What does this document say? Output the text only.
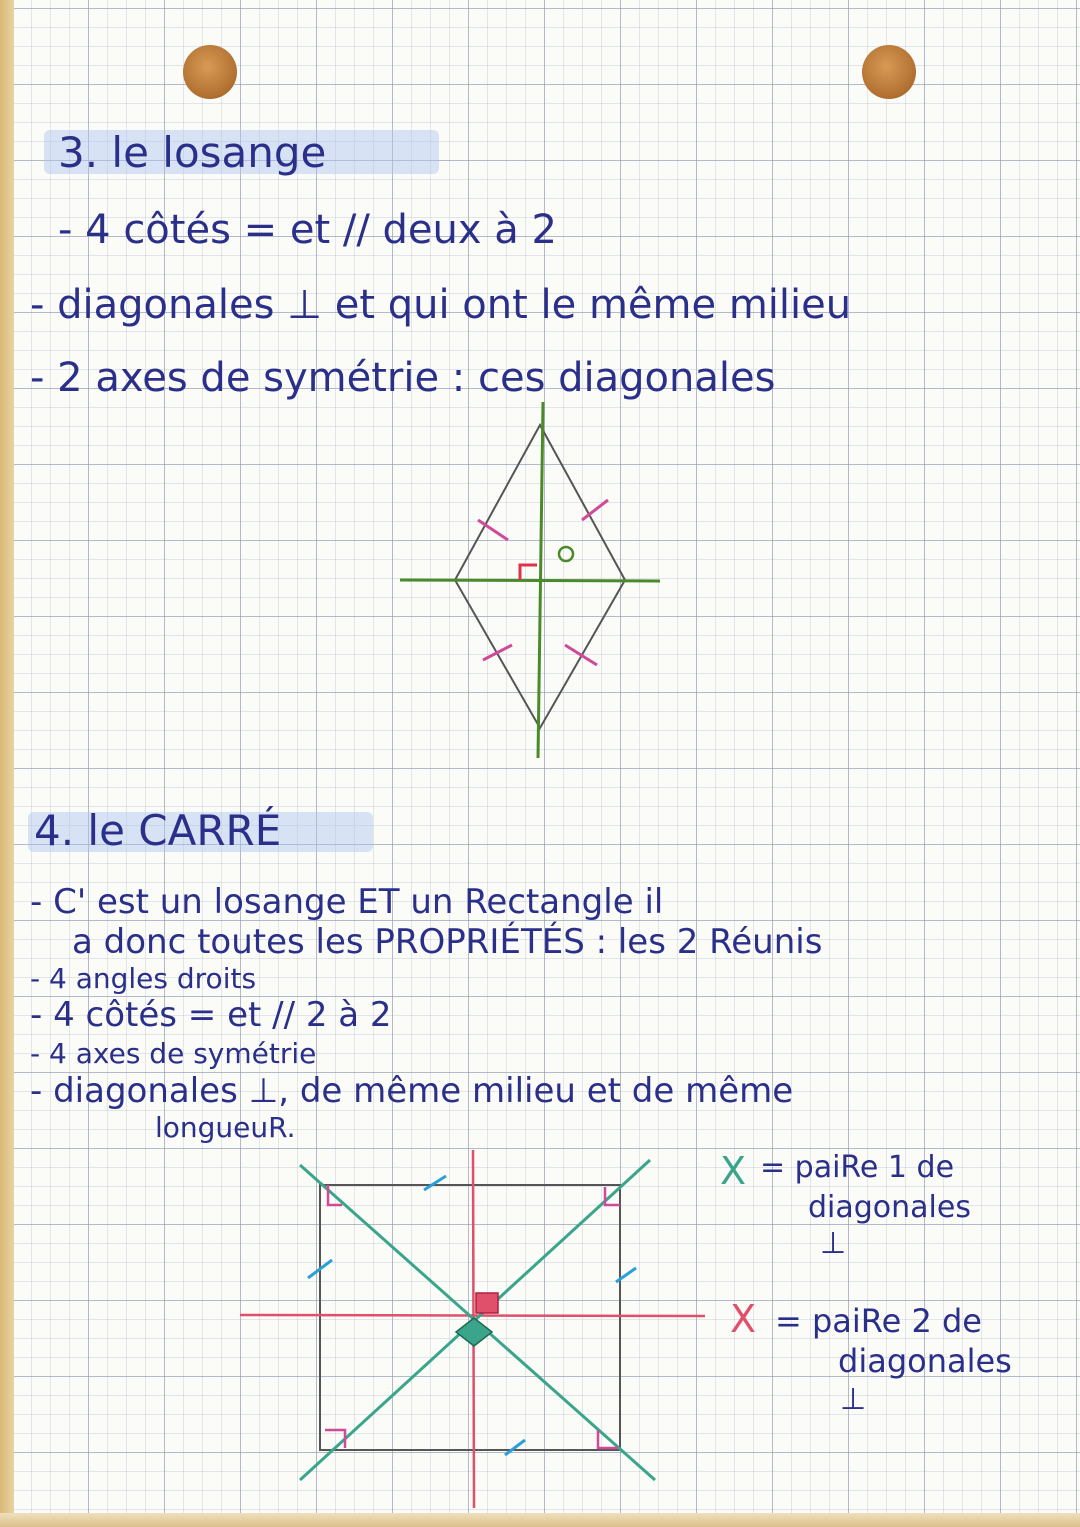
3. le losange

- 4 côtés = et // deux à 2

- diagonales ⊥ et qui ont le même milieu

- 2 axes de symétrie : ces diagonales

4. le CARRÉ

- C' est un losange ET un Rectangle il

a donc toutes les PROPRIÉTÉS : les 2 Réunis

- 4 angles droits

- 4 côtés = et // 2 à 2

- 4 axes de symétrie

- diagonales ⊥, de même milieu et de même

longueuR.

X = paiRe 1 de

diagonales

⊥

X = paiRe 2 de

diagonales

⊥
